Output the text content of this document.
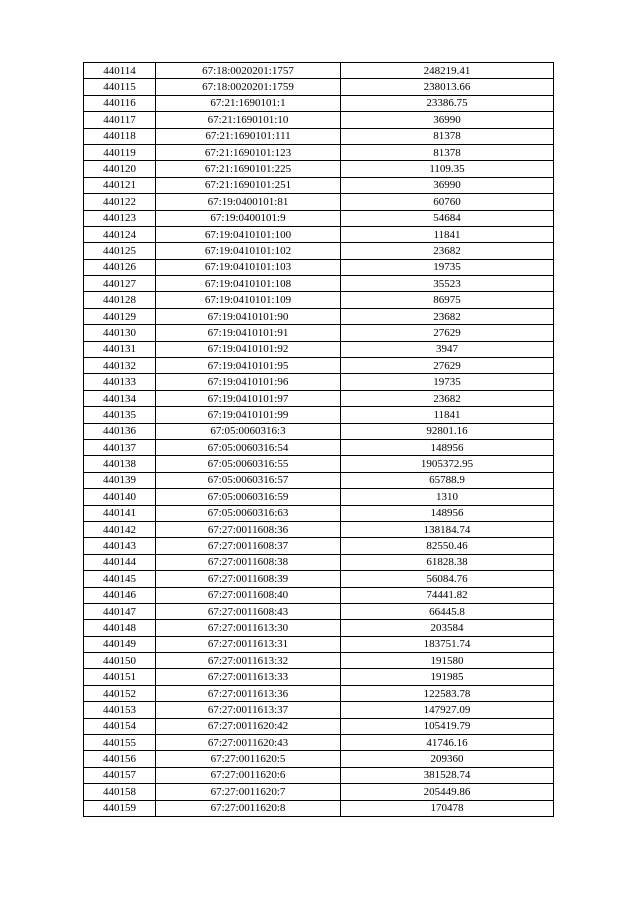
440114	67:18:0020201:1757	248219.41
440115	67:18:0020201:1759	238013.66
440116	67:21:1690101:1	23386.75
440117	67:21:1690101:10	36990
440118	67:21:1690101:111	81378
440119	67:21:1690101:123	81378
440120	67:21:1690101:225	1109.35
440121	67:21:1690101:251	36990
440122	67:19:0400101:81	60760
440123	67:19:0400101:9	54684
440124	67:19:0410101:100	11841
440125	67:19:0410101:102	23682
440126	67:19:0410101:103	19735
440127	67:19:0410101:108	35523
440128	67:19:0410101:109	86975
440129	67:19:0410101:90	23682
440130	67:19:0410101:91	27629
440131	67:19:0410101:92	3947
440132	67:19:0410101:95	27629
440133	67:19:0410101:96	19735
440134	67:19:0410101:97	23682
440135	67:19:0410101:99	11841
440136	67:05:0060316:3	92801.16
440137	67:05:0060316:54	148956
440138	67:05:0060316:55	1905372.95
440139	67:05:0060316:57	65788.9
440140	67:05:0060316:59	1310
440141	67:05:0060316:63	148956
440142	67:27:0011608:36	138184.74
440143	67:27:0011608:37	82550.46
440144	67:27:0011608:38	61828.38
440145	67:27:0011608:39	56084.76
440146	67:27:0011608:40	74441.82
440147	67:27:0011608:43	66445.8
440148	67:27:0011613:30	203584
440149	67:27:0011613:31	183751.74
440150	67:27:0011613:32	191580
440151	67:27:0011613:33	191985
440152	67:27:0011613:36	122583.78
440153	67:27:0011613:37	147927.09
440154	67:27:0011620:42	105419.79
440155	67:27:0011620:43	41746.16
440156	67:27:0011620:5	209360
440157	67:27:0011620:6	381528.74
440158	67:27:0011620:7	205449.86
440159	67:27:0011620:8	170478
